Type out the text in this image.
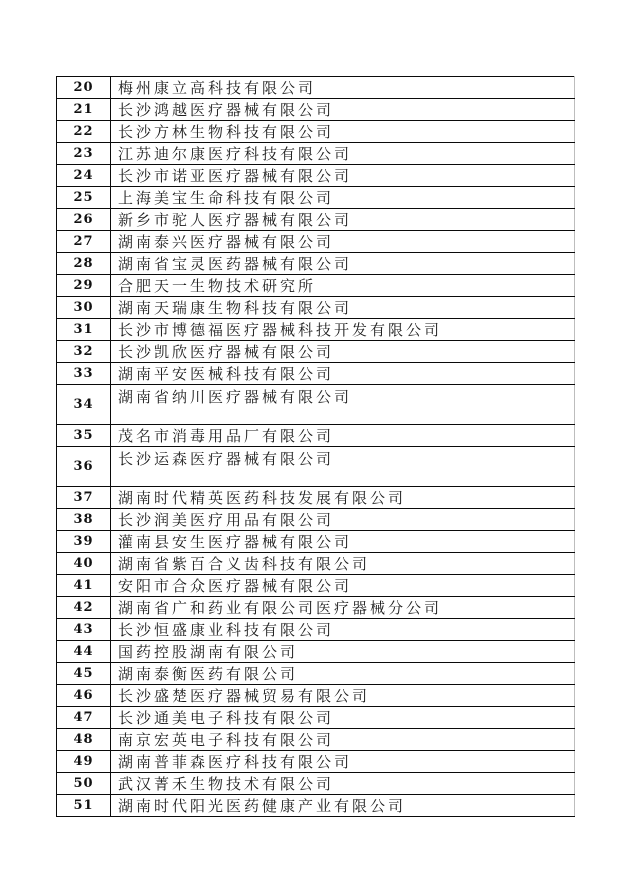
20	梅州康立高科技有限公司
21	长沙鸿越医疗器械有限公司
22	长沙方林生物科技有限公司
23	江苏迪尔康医疗科技有限公司
24	长沙市诺亚医疗器械有限公司
25	上海美宝生命科技有限公司
26	新乡市驼人医疗器械有限公司
27	湖南泰兴医疗器械有限公司
28	湖南省宝灵医药器械有限公司
29	合肥天一生物技术研究所
30	湖南天瑞康生物科技有限公司
31	长沙市博德福医疗器械科技开发有限公司
32	长沙凯欣医疗器械有限公司
33	湖南平安医械科技有限公司
34	湖南省纳川医疗器械有限公司
35	茂名市消毒用品厂有限公司
36	长沙运森医疗器械有限公司
37	湖南时代精英医药科技发展有限公司
38	长沙润美医疗用品有限公司
39	灌南县安生医疗器械有限公司
40	湖南省紫百合义齿科技有限公司
41	安阳市合众医疗器械有限公司
42	湖南省广和药业有限公司医疗器械分公司
43	长沙恒盛康业科技有限公司
44	国药控股湖南有限公司
45	湖南泰衡医药有限公司
46	长沙盛楚医疗器械贸易有限公司
47	长沙通美电子科技有限公司
48	南京宏英电子科技有限公司
49	湖南普菲森医疗科技有限公司
50	武汉菁禾生物技术有限公司
51	湖南时代阳光医药健康产业有限公司
